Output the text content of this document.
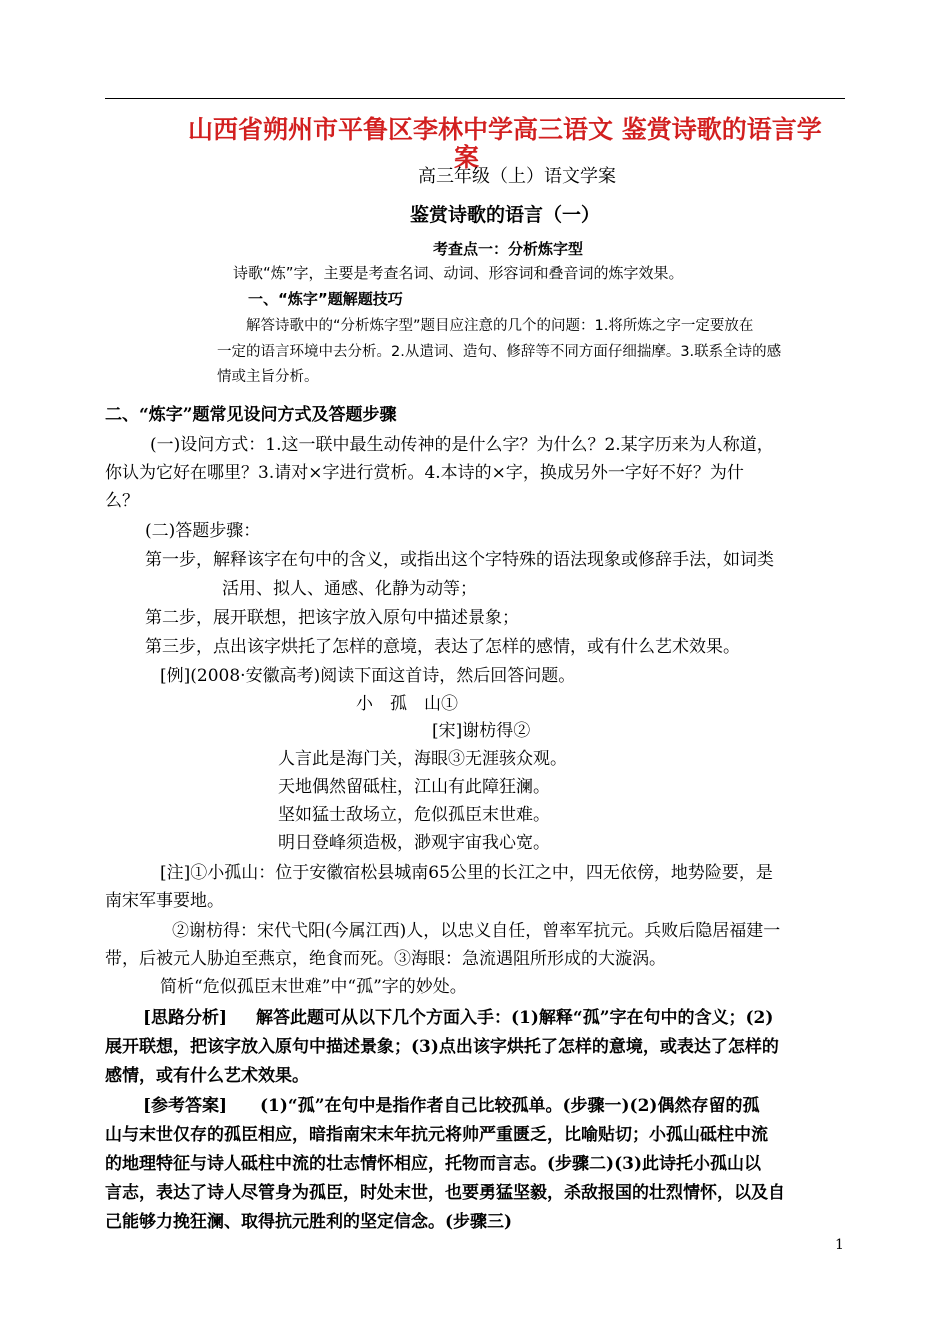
山西省朔州市平鲁区李林中学高三语文 鉴赏诗歌的语言学
案
高三年级（上）语文学案
鉴赏诗歌的语言（一）
考查点一：分析炼字型
诗歌“炼”字，主要是考查名词、动词、形容词和叠音词的炼字效果。
一、“炼字”题解题技巧
解答诗歌中的“分析炼字型”题目应注意的几个的问题：1.将所炼之字一定要放在
一定的语言环境中去分析。2.从遣词、造句、修辞等不同方面仔细揣摩。3.联系全诗的感
情或主旨分析。
二、“炼字”题常见设问方式及答题步骤
(一)设问方式：1.这一联中最生动传神的是什么字？为什么？2.某字历来为人称道，
你认为它好在哪里？3.请对×字进行赏析。4.本诗的×字，换成另外一字好不好？为什
么？
(二)答题步骤：
第一步，解释该字在句中的含义，或指出这个字特殊的语法现象或修辞手法，如词类
活用、拟人、通感、化静为动等；
第二步，展开联想，把该字放入原句中描述景象；
第三步，点出该字烘托了怎样的意境，表达了怎样的感情，或有什么艺术效果。
[例](2008·安徽高考)阅读下面这首诗，然后回答问题。
小　孤　山①
[宋]谢枋得②
人言此是海门关，海眼③无涯骇众观。
天地偶然留砥柱，江山有此障狂澜。
坚如猛士敌场立，危似孤臣末世难。
明日登峰须造极，渺观宇宙我心宽。
[注]①小孤山：位于安徽宿松县城南65公里的长江之中，四无依傍，地势险要，是
南宋军事要地。
②谢枋得：宋代弋阳(今属江西)人，以忠义自任，曾率军抗元。兵败后隐居福建一
带，后被元人胁迫至燕京，绝食而死。③海眼：急流遇阻所形成的大漩涡。
简析“危似孤臣末世难”中“孤”字的妙处。
[思路分析] 解答此题可从以下几个方面入手：(1)解释“孤”字在句中的含义；(2)
展开联想，把该字放入原句中描述景象；(3)点出该字烘托了怎样的意境，或表达了怎样的
感情，或有什么艺术效果。
[参考答案] (1)“孤”在句中是指作者自己比较孤单。(步骤一)(2)偶然存留的孤
山与末世仅存的孤臣相应，暗指南宋末年抗元将帅严重匮乏，比喻贴切；小孤山砥柱中流
的地理特征与诗人砥柱中流的壮志情怀相应，托物而言志。(步骤二)(3)此诗托小孤山以
言志，表达了诗人尽管身为孤臣，时处末世，也要勇猛坚毅，杀敌报国的壮烈情怀，以及自
己能够力挽狂澜、取得抗元胜利的坚定信念。(步骤三)
1
